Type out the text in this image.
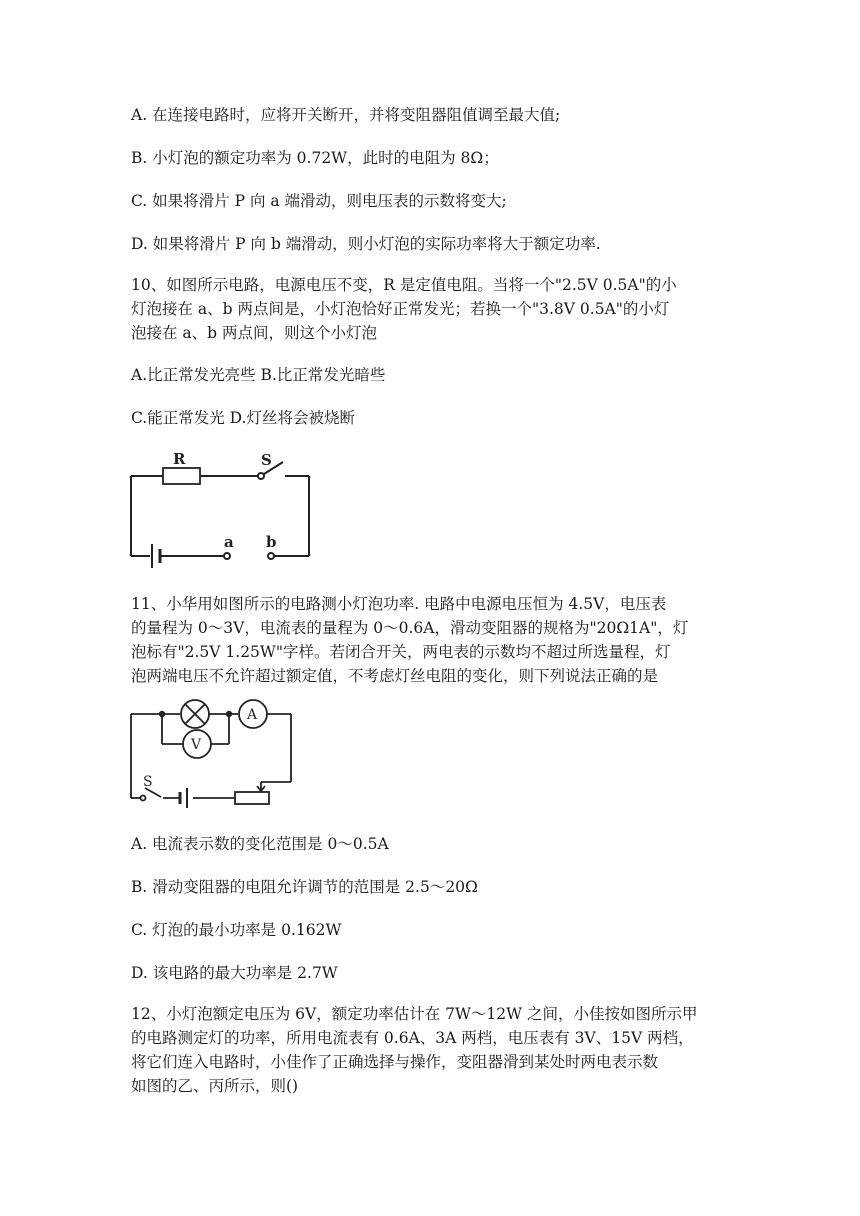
A. 在连接电路时，应将开关断开，并将变阻器阻值调至最大值;
B. 小灯泡的额定功率为 0.72W，此时的电阻为 8Ω；
C. 如果将滑片 P 向 a 端滑动，则电压表的示数将变大;
D. 如果将滑片 P 向 b 端滑动，则小灯泡的实际功率将大于额定功率.
10、如图所示电路，电源电压不变，R 是定值电阻。当将一个"2.5V 0.5A"的小
灯泡接在 a、b 两点间是，小灯泡恰好正常发光；若换一个"3.8V 0.5A"的小灯
泡接在 a、b 两点间，则这个小灯泡
A.比正常发光亮些 B.比正常发光暗些
C.能正常发光 D.灯丝将会被烧断
R	S
a b
11、小华用如图所示的电路测小灯泡功率. 电路中电源电压恒为 4.5V，电压表
的量程为 0～3V，电流表的量程为 0～0.6A，滑动变阻器的规格为"20Ω1A"，灯
泡标有"2.5V 1.25W"字样。若闭合开关，两电表的示数均不超过所选量程，灯
泡两端电压不允许超过额定值，不考虑灯丝电阻的变化，则下列说法正确的是
A
V
S
A. 电流表示数的变化范围是 0～0.5A
B. 滑动变阻器的电阻允许调节的范围是 2.5～20Ω
C. 灯泡的最小功率是 0.162W
D. 该电路的最大功率是 2.7W
12、小灯泡额定电压为 6V，额定功率估计在 7W～12W 之间，小佳按如图所示甲
的电路测定灯的功率，所用电流表有 0.6A、3A 两档，电压表有 3V、15V 两档，
将它们连入电路时，小佳作了正确选择与操作，变阻器滑到某处时两电表示数
如图的乙、丙所示，则()
